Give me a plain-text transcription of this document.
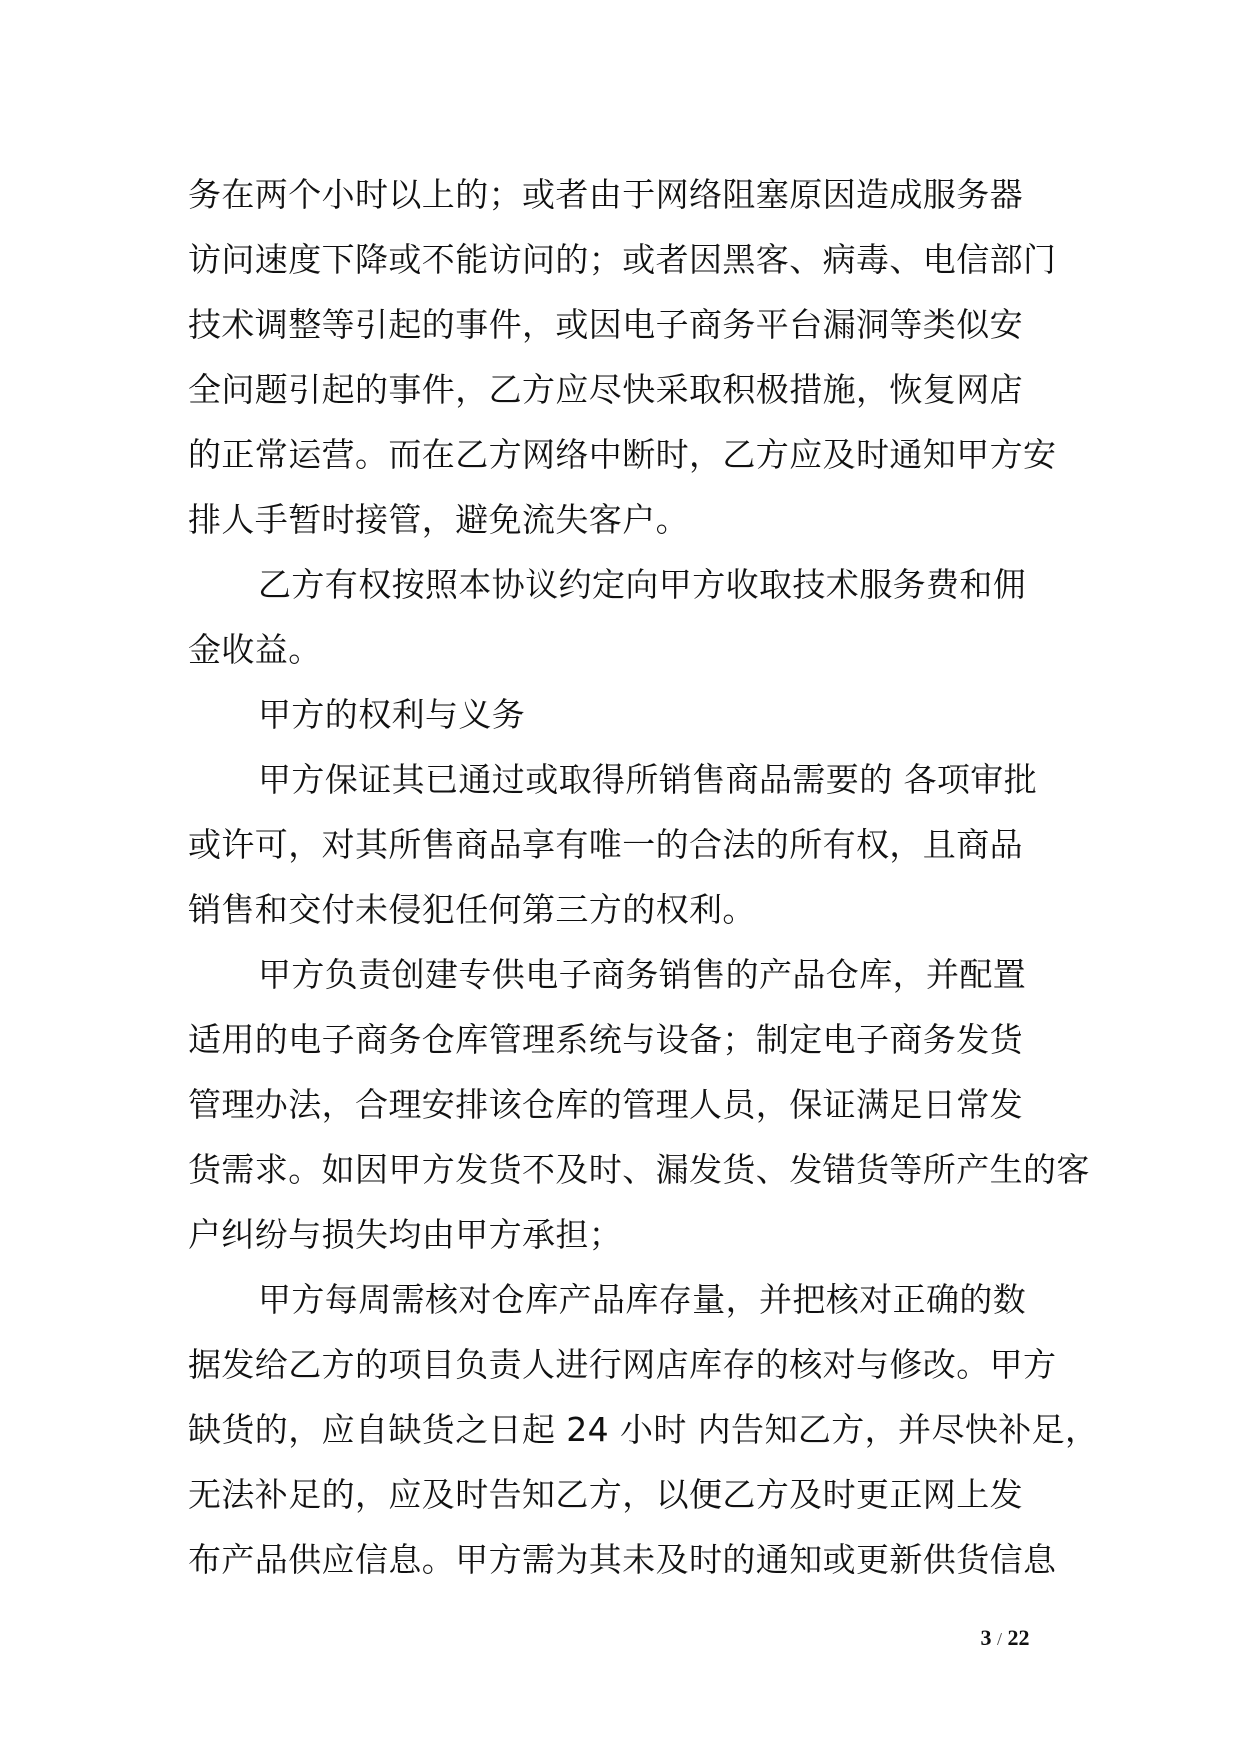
务在两个小时以上的；或者由于网络阻塞原因造成服务器
访问速度下降或不能访问的；或者因黑客、病毒、电信部门
技术调整等引起的事件，或因电子商务平台漏洞等类似安
全问题引起的事件，乙方应尽快采取积极措施，恢复网店
的正常运营。而在乙方网络中断时，乙方应及时通知甲方安
排人手暂时接管，避免流失客户。
乙方有权按照本协议约定向甲方收取技术服务费和佣
金收益。
甲方的权利与义务
甲方保证其已通过或取得所销售商品需要的 各项审批
或许可，对其所售商品享有唯一的合法的所有权，且商品
销售和交付未侵犯任何第三方的权利。
甲方负责创建专供电子商务销售的产品仓库，并配置
适用的电子商务仓库管理系统与设备；制定电子商务发货
管理办法，合理安排该仓库的管理人员，保证满足日常发
货需求。如因甲方发货不及时、漏发货、发错货等所产生的客
户纠纷与损失均由甲方承担；
甲方每周需核对仓库产品库存量，并把核对正确的数
据发给乙方的项目负责人进行网店库存的核对与修改。甲方
缺货的，应自缺货之日起 24 小时 内告知乙方，并尽快补足，
无法补足的，应及时告知乙方，以便乙方及时更正网上发
布产品供应信息。甲方需为其未及时的通知或更新供货信息
3 / 22
